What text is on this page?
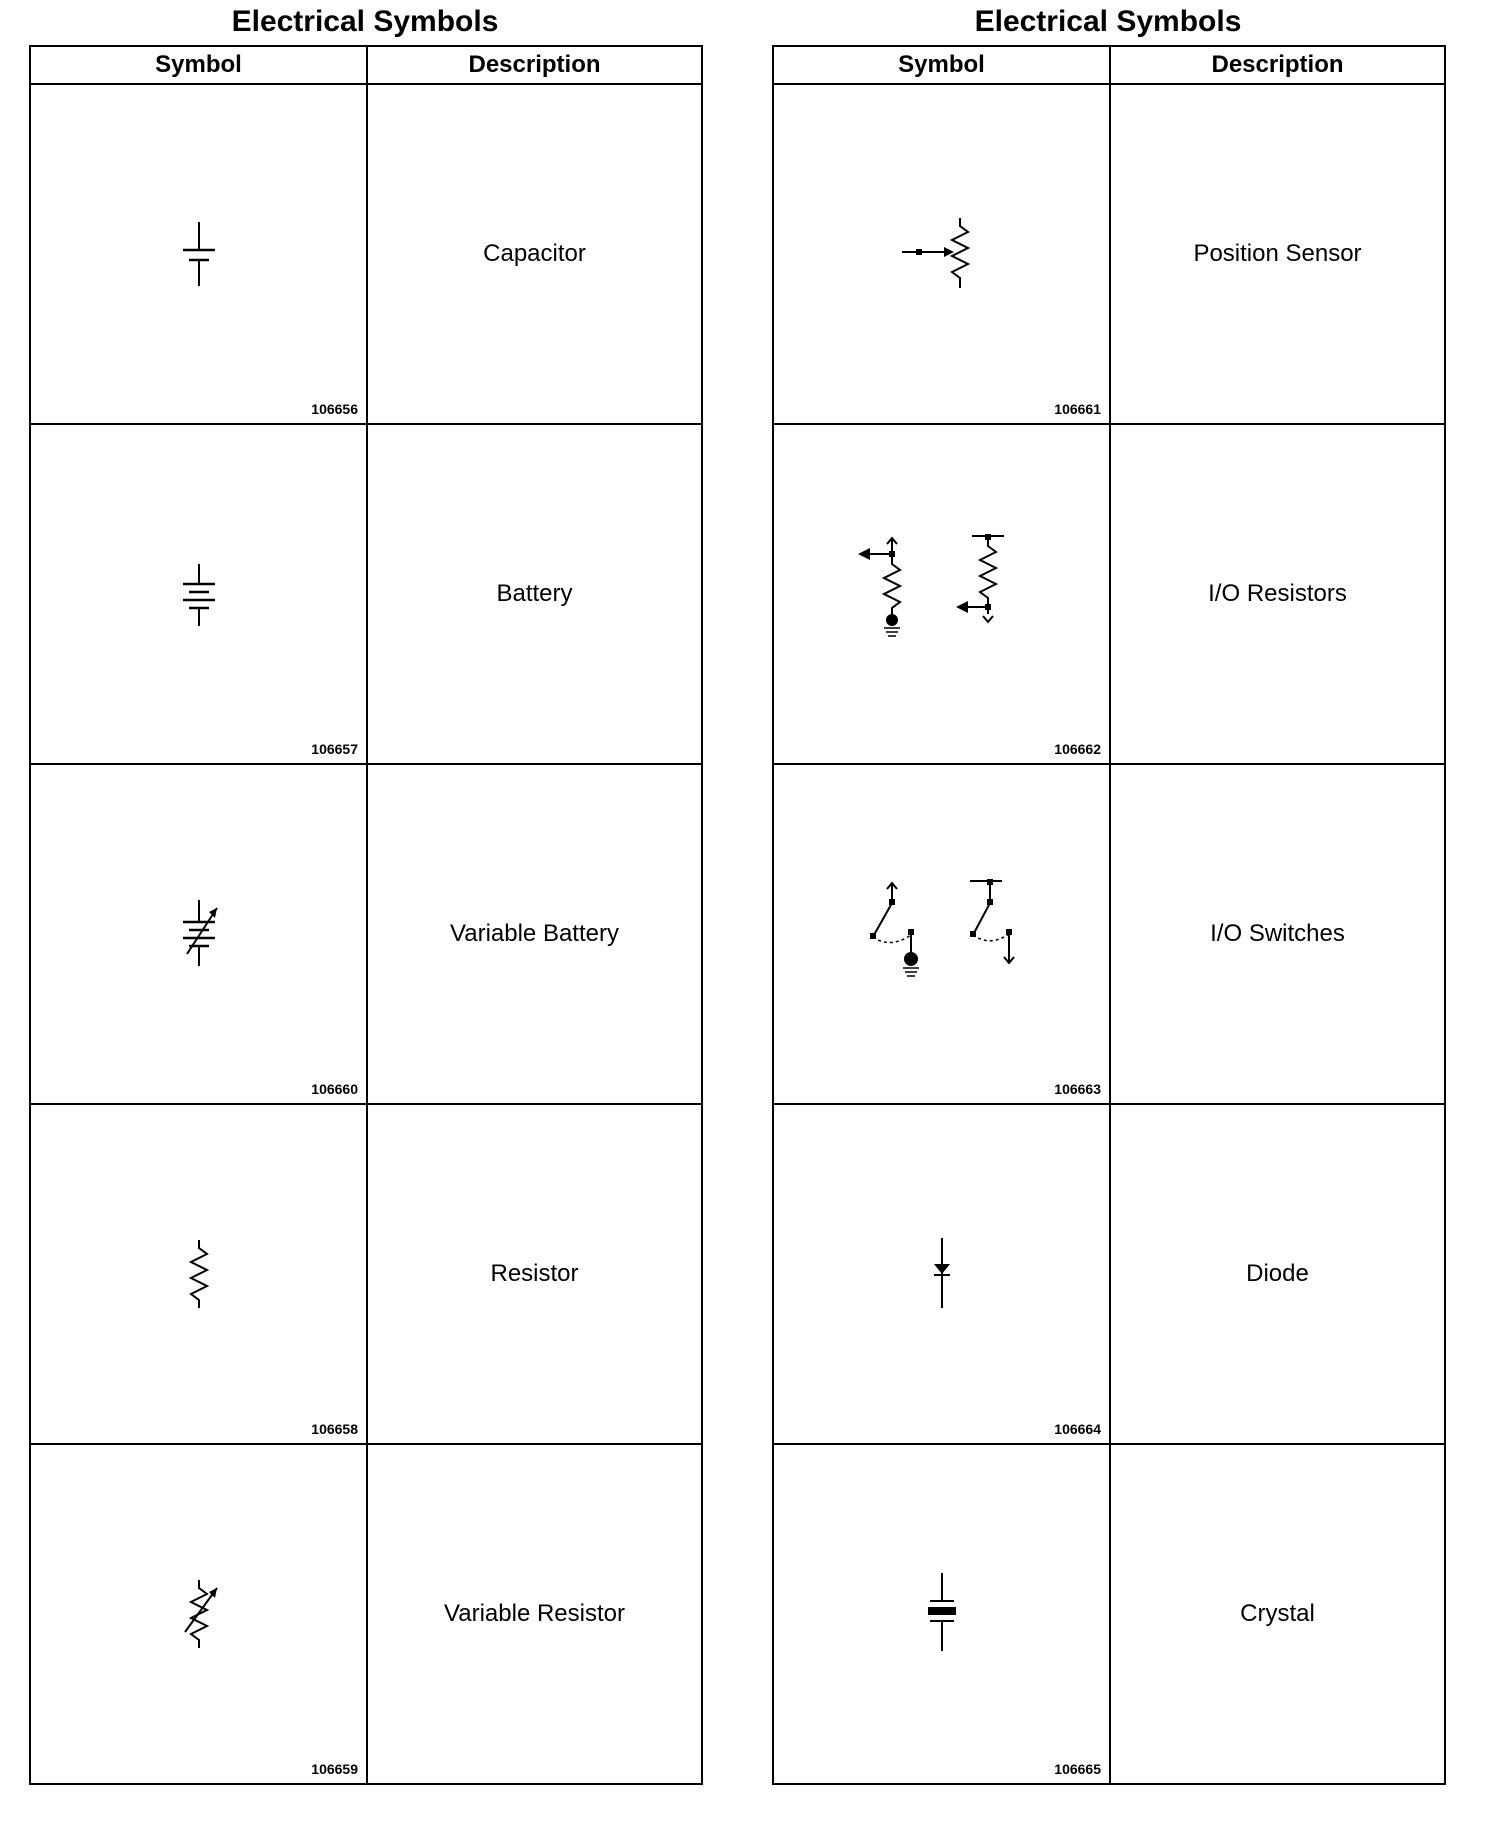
Electrical Symbols
Symbol	Description

106656	Capacitor

106657	Battery

106660	Variable Battery

106658	Resistor

106659	Variable Resistor
Electrical Symbols
Symbol	Description

106661	Position Sensor

106662	I/O Resistors

106663	I/O Switches

106664	Diode

106665	Crystal
